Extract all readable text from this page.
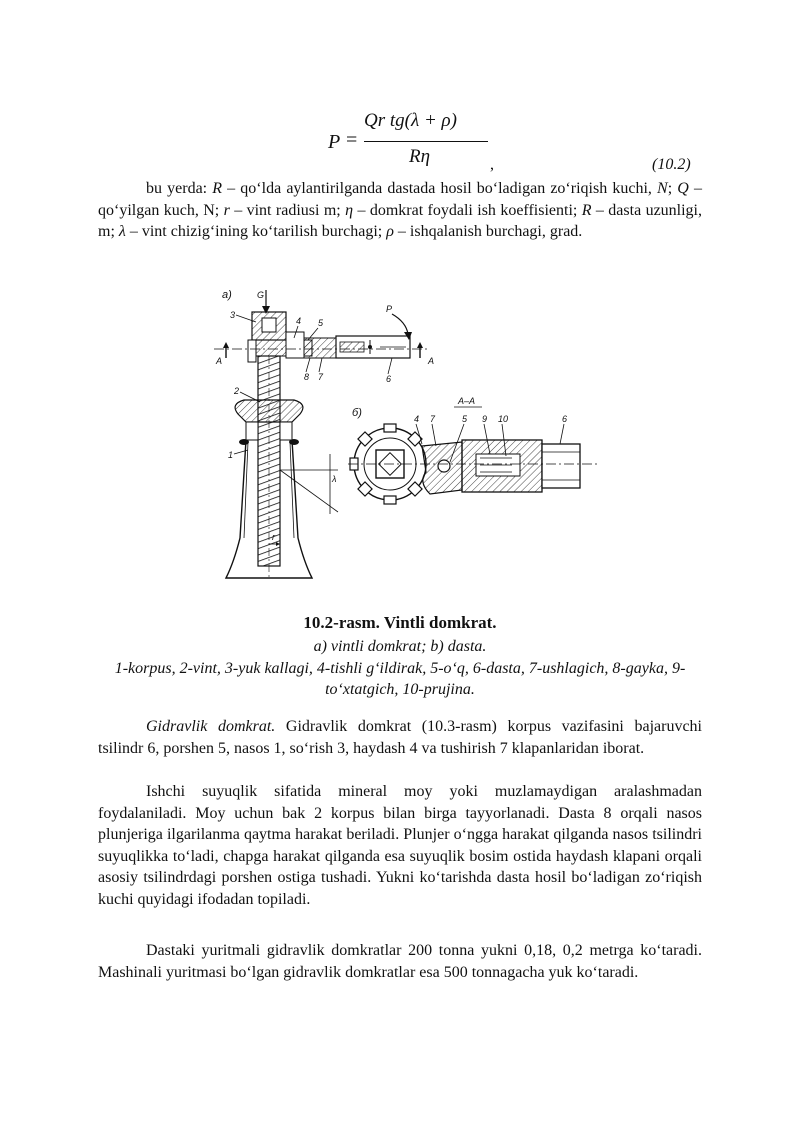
P =
Qr tg(λ + ρ)
Rη	,	(10.2)

bu yerda: R – qo‘lda aylantirilganda dastada hosil bo‘ladigan zo‘riqish kuchi, N; Q – qo‘yilgan kuch, N; r – vint radiusi m; η – domkrat foydali ish koeffisienti; R – dasta uzunligi, m; λ – vint chizig‘ining ko‘tarilish burchagi; ρ – ishqalanish burchagi, grad.

a)	G
3
4 5
A	A
P
8 7	6
2
1
λ
r
б)
A–A
4 7	5 9 10	6
10.2-rasm. Vintli domkrat.
a) vintli domkrat; b) dasta.
1-korpus, 2-vint, 3-yuk kallagi, 4-tishli g‘ildirak, 5-o‘q, 6-dasta, 7-ushlagich, 8-gayka, 9-to‘xtatgich, 10-prujina.

Gidravlik domkrat. Gidravlik domkrat (10.3-rasm) korpus vazifasini bajaruvchi tsilindr 6, porshen 5, nasos 1, so‘rish 3, haydash 4 va tushirish 7 klapanlaridan iborat.

Ishchi suyuqlik sifatida mineral moy yoki muzlamaydigan aralashmadan foydalaniladi. Moy uchun bak 2 korpus bilan birga tayyorlanadi. Dasta 8 orqali nasos plunjeriga ilgarilanma qaytma harakat beriladi. Plunjer o‘ngga harakat qilganda nasos tsilindri suyuqlikka to‘ladi, chapga harakat qilganda esa suyuqlik bosim ostida haydash klapani orqali asosiy tsilindrdagi porshen ostiga tushadi. Yukni ko‘tarishda dasta hosil bo‘ladigan zo‘riqish kuchi quyidagi ifodadan topiladi.

Dastaki yuritmali gidravlik domkratlar 200 tonna yukni 0,18, 0,2 metrga ko‘taradi. Mashinali yuritmasi bo‘lgan gidravlik domkratlar esa 500 tonnagacha yuk ko‘taradi.
